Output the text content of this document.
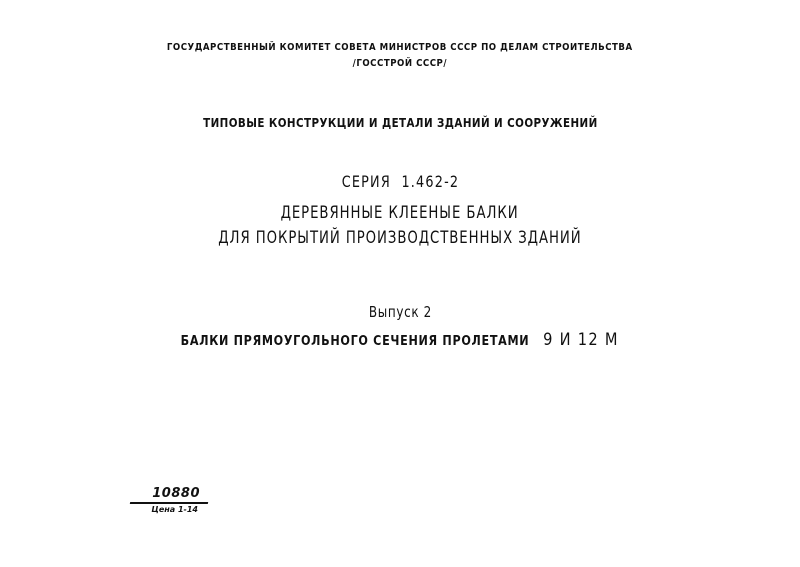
ГОСУДАРСТВЕННЫЙ КОМИТЕТ СОВЕТА МИНИСТРОВ СССР ПО ДЕЛАМ СТРОИТЕЛЬСТВА
/ГОССТРОЙ СССР/
ТИПОВЫЕ КОНСТРУКЦИИ И ДЕТАЛИ ЗДАНИЙ И СООРУЖЕНИЙ
СЕРИЯ 1.462-2
ДЕРЕВЯННЫЕ КЛЕЕНЫЕ БАЛКИ
ДЛЯ ПОКРЫТИЙ ПРОИЗВОДСТВЕННЫХ ЗДАНИЙ
Выпуск 2
БАЛКИ ПРЯМОУГОЛЬНОГО СЕЧЕНИЯ ПРОЛЕТАМИ 9 И 12 М
10880
Цена 1-14
